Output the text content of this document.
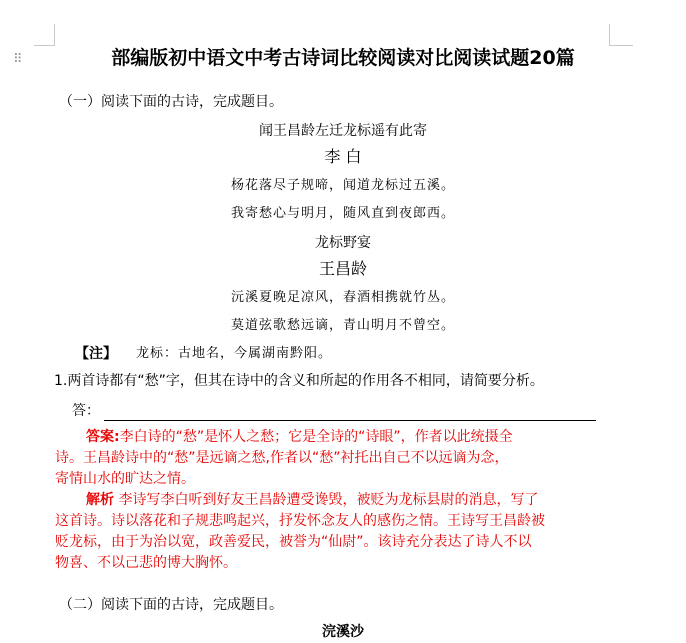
⠿	部编版初中语文中考古诗词比较阅读对比阅读试题20篇
（一）阅读下面的古诗，完成题目。
闻王昌龄左迁龙标遥有此寄
李 白
杨花落尽子规啼，闻道龙标过五溪。
我寄愁心与明月，随风直到夜郎西。
龙标野宴
王昌龄
沅溪夏晚足凉风，春酒相携就竹丛。
莫道弦歌愁远谪，青山明月不曾空。
【注】 龙标：古地名，今属湖南黔阳。
1.两首诗都有“愁”字，但其在诗中的含义和所起的作用各不相同，请简要分析。
答：
答案:李白诗的“愁”是怀人之愁；它是全诗的“诗眼”，作者以此统摄全
诗。王昌龄诗中的“愁”是远谪之愁,作者以“愁”衬托出自己不以远谪为念，
寄情山水的旷达之情。
解析 李诗写李白听到好友王昌龄遭受谗毁，被贬为龙标县尉的消息，写了
这首诗。诗以落花和子规悲鸣起兴，抒发怀念友人的感伤之情。王诗写王昌龄被
贬龙标，由于为治以宽，政善爱民，被誉为“仙尉”。该诗充分表达了诗人不以
物喜、不以己悲的博大胸怀。
（二）阅读下面的古诗，完成题目。
浣溪沙
